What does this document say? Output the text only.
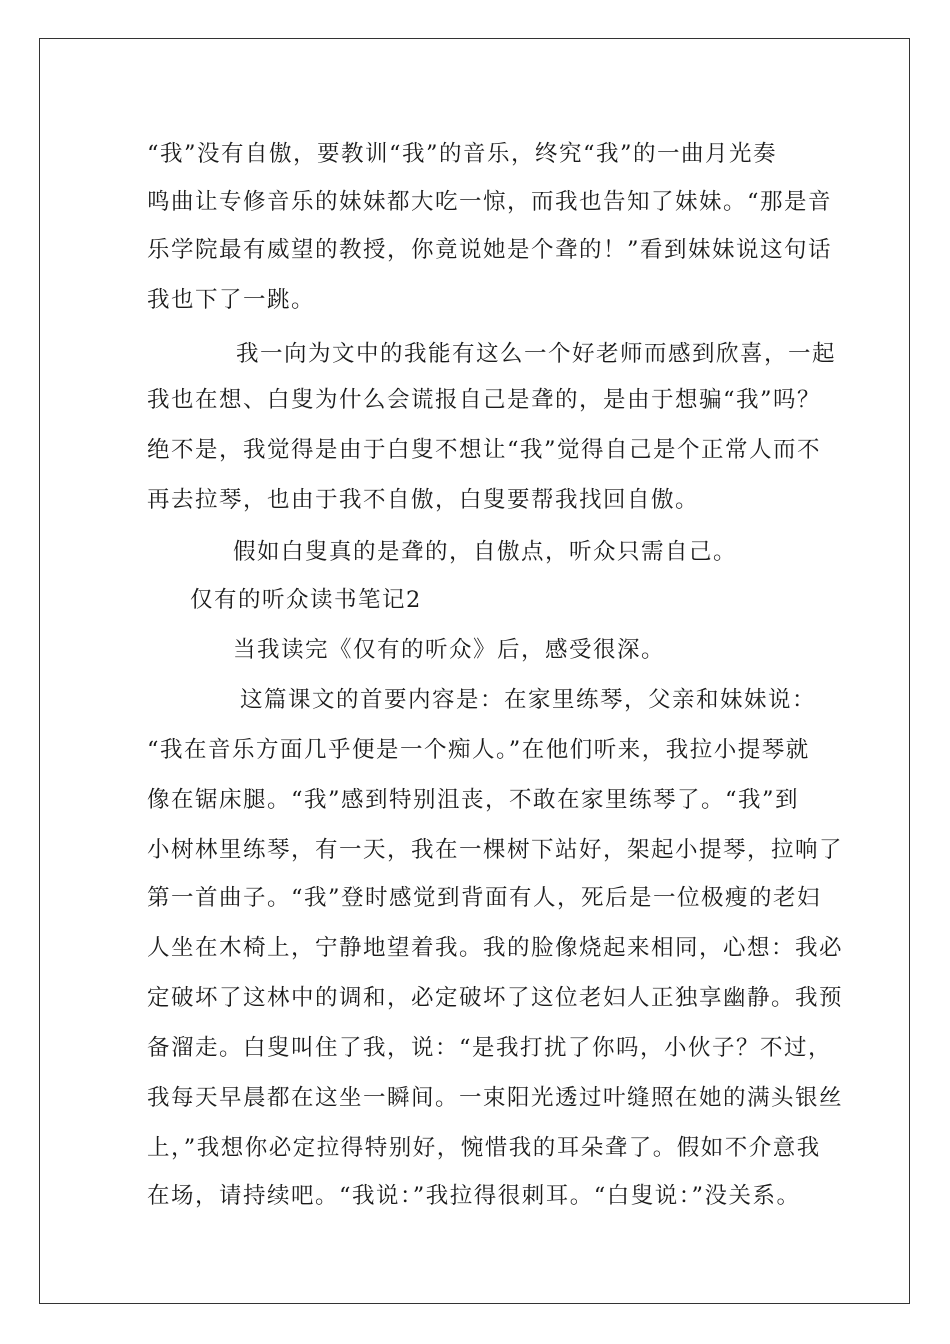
“我”没有自傲，要教训“我”的音乐，终究“我”的一曲月光奏
鸣曲让专修音乐的妹妹都大吃一惊，而我也告知了妹妹。“那是音
乐学院最有威望的教授，你竟说她是个聋的！”看到妹妹说这句话
我也下了一跳。
我一向为文中的我能有这么一个好老师而感到欣喜，一起
我也在想、白叟为什么会谎报自己是聋的，是由于想骗“我”吗？
绝不是，我觉得是由于白叟不想让“我”觉得自己是个正常人而不
再去拉琴，也由于我不自傲，白叟要帮我找回自傲。
假如白叟真的是聋的，自傲点，听众只需自己。
仅有的听众读书笔记2
当我读完《仅有的听众》后，感受很深。
这篇课文的首要内容是：在家里练琴，父亲和妹妹说：
“我在音乐方面几乎便是一个痴人。”在他们听来，我拉小提琴就
像在锯床腿。“我”感到特别沮丧，不敢在家里练琴了。“我”到
小树林里练琴，有一天，我在一棵树下站好，架起小提琴，拉响了
第一首曲子。“我”登时感觉到背面有人，死后是一位极瘦的老妇
人坐在木椅上，宁静地望着我。我的脸像烧起来相同，心想：我必
定破坏了这林中的调和，必定破坏了这位老妇人正独享幽静。我预
备溜走。白叟叫住了我，说：“是我打扰了你吗，小伙子？不过，
我每天早晨都在这坐一瞬间。一束阳光透过叶缝照在她的满头银丝
上，”我想你必定拉得特别好，惋惜我的耳朵聋了。假如不介意我
在场，请持续吧。“我说：”我拉得很刺耳。“白叟说：”没关系。
